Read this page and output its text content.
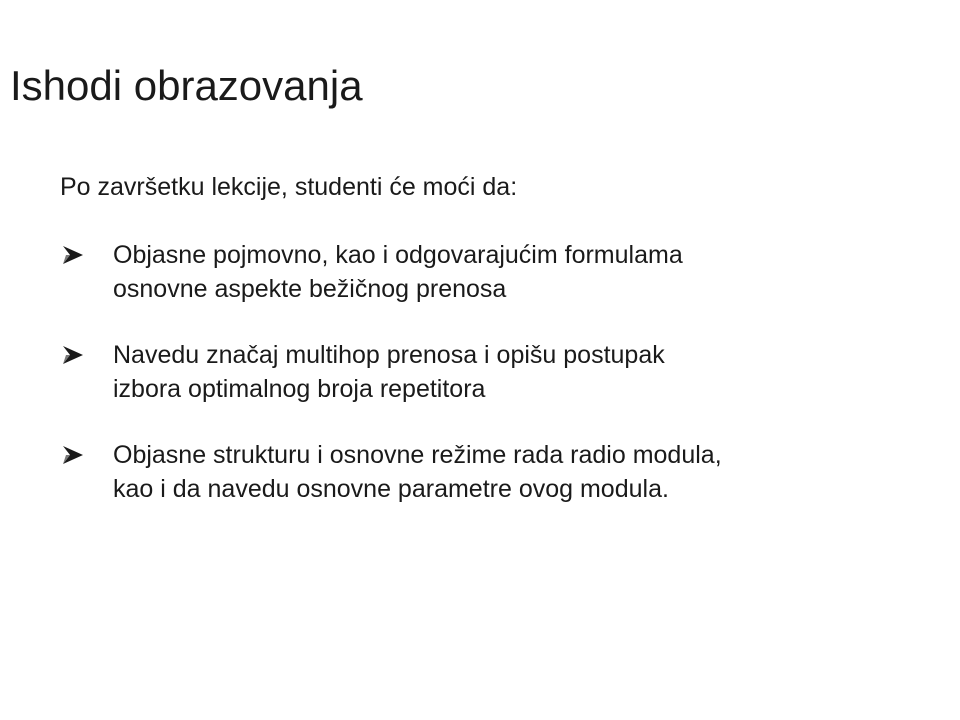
Ishodi obrazovanja

Po završetku lekcije, studenti će moći da:

Objasne pojmovno, kao i odgovarajućim formulama
osnovne aspekte bežičnog prenosa
Navedu značaj multihop prenosa i opišu postupak
izbora optimalnog broja repetitora
Objasne strukturu i osnovne režime rada radio modula,
kao i da navedu osnovne parametre ovog modula.
